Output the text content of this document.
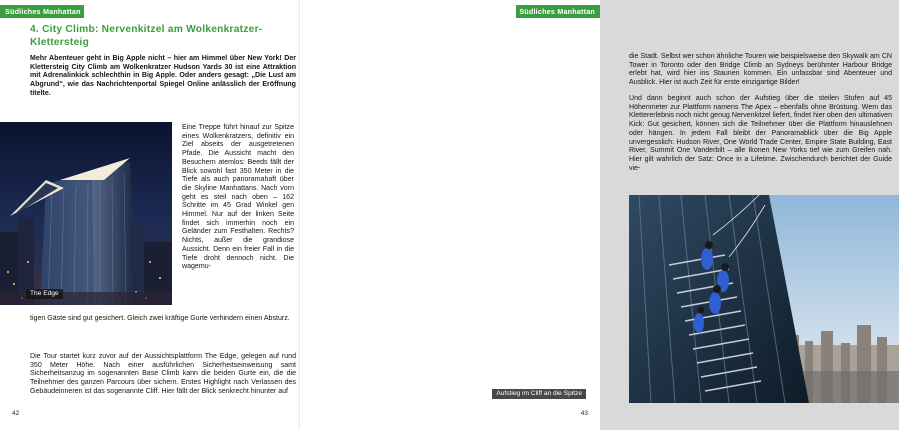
Südliches Manhattan
4. City Climb: Nervenkitzel am Wolkenkratzer-Klettersteig
Mehr Abenteuer geht in Big Apple nicht – hier am Himmel über New York! Der Klettersteig City Climb am Wolkenkratzer Hudson Yards 30 ist eine Attraktion mit Adrenalinkick schlechthin in Big Apple. Oder anders gesagt: „Die Lust am Abgrund“, wie das Nachrichtenportal Spiegel Online anlässlich der Eröffnung titelte.
The Edge
Eine Treppe führt hinauf zur Spitze eines Wolkenkratzers, definitiv ein Ziel abseits der ausgetretenen Pfade. Die Aussicht macht den Besuchern atemlos: Beeds fällt der Blick sowohl fast 350 Meter in die Tiefe als auch panoramahaft über die Skyline Manhattans. Nach vorn geht es steil nach oben – 162 Schritte im 45 Grad Winkel gen Himmel. Nur auf der linken Seite findet sich immerhin noch ein Geländer zum Festhalten. Rechts? Nichts, außer die grandiose Aussicht. Denn ein freier Fall in die Tiefe droht dennoch nicht. Die wagemu-
tigen Gäste sind gut gesichert. Gleich zwei kräftige Gurte verhindern einen Absturz.
Die Tour startet kurz zuvor auf der Aussichtsplattform The Edge, gelegen auf rund 350 Meter Höhe. Nach einer ausführlichen Sicherheitseinweisung samt Sicherheitsanzug im sogenannten Base Climb kann die beiden Gurte ein, die die Teilnehmer des ganzen Parcours über sichern. Erstes Highlight nach Verlassen des Gebäudeinneren ist das sogenannte Cliff. Hier fällt der Blick senkrecht hinunter auf
42
Südliches Manhattan
die Stadt. Selbst wer schon ähnliche Touren wie beispielsweise den Skywalk am CN Tower in Toronto oder den Bridge Climb an Sydneys berühmter Harbour Bridge erlebt hat, wird hier ins Staunen kommen. Ein unfassbar sind Abenteuer und Ausblick. Hier ist auch Zeit für erste einzigartige Bilder!
Und dann beginnt auch schon der Aufstieg über die steilen Stufen auf 45 Höhenmeter zur Plattform namens The Apex – ebenfalls ohne Brüstung. Wem das Klettererlebnis noch nicht genug Nervenkitzel liefert, findet hier oben den ultimativen Kick: Gut gesichert, können sich die Teilnehmer über die Plattform hinauslehnen oder hängen. In jedem Fall bleibt der Panoramablick über die Big Apple unvergesslich: Hudson River, One World Trade Center, Empire State Building, East River, Summit One Vanderbilt – alle Ikonen New Yorks tief wie zum Greifen nah. Hier gilt wahrlich der Satz: Once in a Lifetime. Zwischendurch berichtet der Guide vie-
Aufstieg im Cliff an die Spitze
43
